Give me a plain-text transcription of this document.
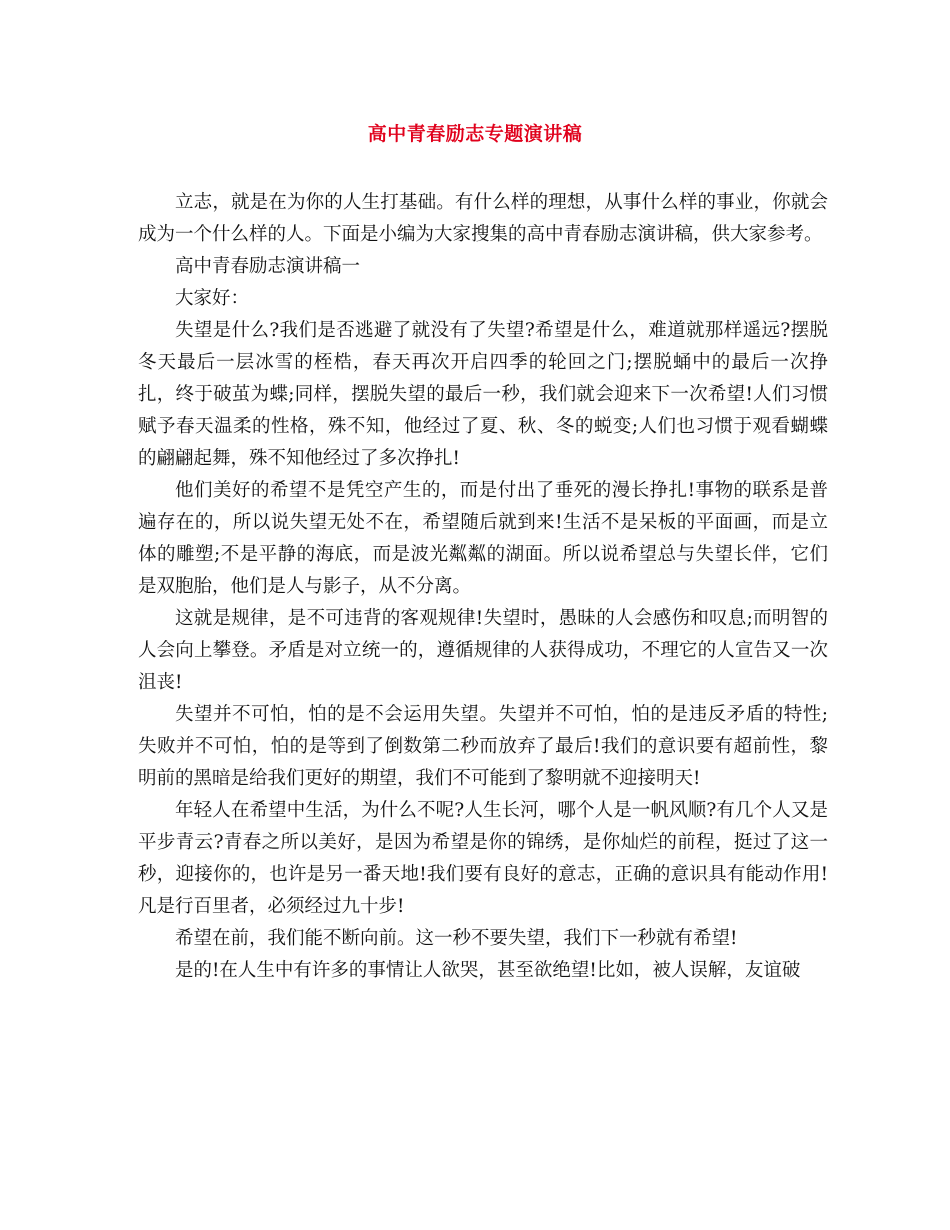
高中青春励志专题演讲稿

立志，就是在为你的人生打基础。有什么样的理想，从事什么样的事业，你就会成为一个什么样的人。下面是小编为大家搜集的高中青春励志演讲稿，供大家参考。

高中青春励志演讲稿一

大家好：

失望是什么?我们是否逃避了就没有了失望?希望是什么，难道就那样遥远?摆脱冬天最后一层冰雪的桎梏，春天再次开启四季的轮回之门;摆脱蛹中的最后一次挣扎，终于破茧为蝶;同样，摆脱失望的最后一秒，我们就会迎来下一次希望!人们习惯赋予春天温柔的性格，殊不知，他经过了夏、秋、冬的蜕变;人们也习惯于观看蝴蝶的翩翩起舞，殊不知他经过了多次挣扎!

他们美好的希望不是凭空产生的，而是付出了垂死的漫长挣扎!事物的联系是普遍存在的，所以说失望无处不在，希望随后就到来!生活不是呆板的平面画，而是立体的雕塑;不是平静的海底，而是波光粼粼的湖面。所以说希望总与失望长伴，它们是双胞胎，他们是人与影子，从不分离。

这就是规律，是不可违背的客观规律!失望时，愚昧的人会感伤和叹息;而明智的人会向上攀登。矛盾是对立统一的，遵循规律的人获得成功，不理它的人宣告又一次沮丧!

失望并不可怕，怕的是不会运用失望。失望并不可怕，怕的是违反矛盾的特性;失败并不可怕，怕的是等到了倒数第二秒而放弃了最后!我们的意识要有超前性，黎明前的黑暗是给我们更好的期望，我们不可能到了黎明就不迎接明天!

年轻人在希望中生活，为什么不呢?人生长河，哪个人是一帆风顺?有几个人又是平步青云?青春之所以美好，是因为希望是你的锦绣，是你灿烂的前程，挺过了这一秒，迎接你的，也许是另一番天地!我们要有良好的意志，正确的意识具有能动作用!凡是行百里者，必须经过九十步!

希望在前，我们能不断向前。这一秒不要失望，我们下一秒就有希望!

是的!在人生中有许多的事情让人欲哭，甚至欲绝望!比如，被人误解，友谊破
